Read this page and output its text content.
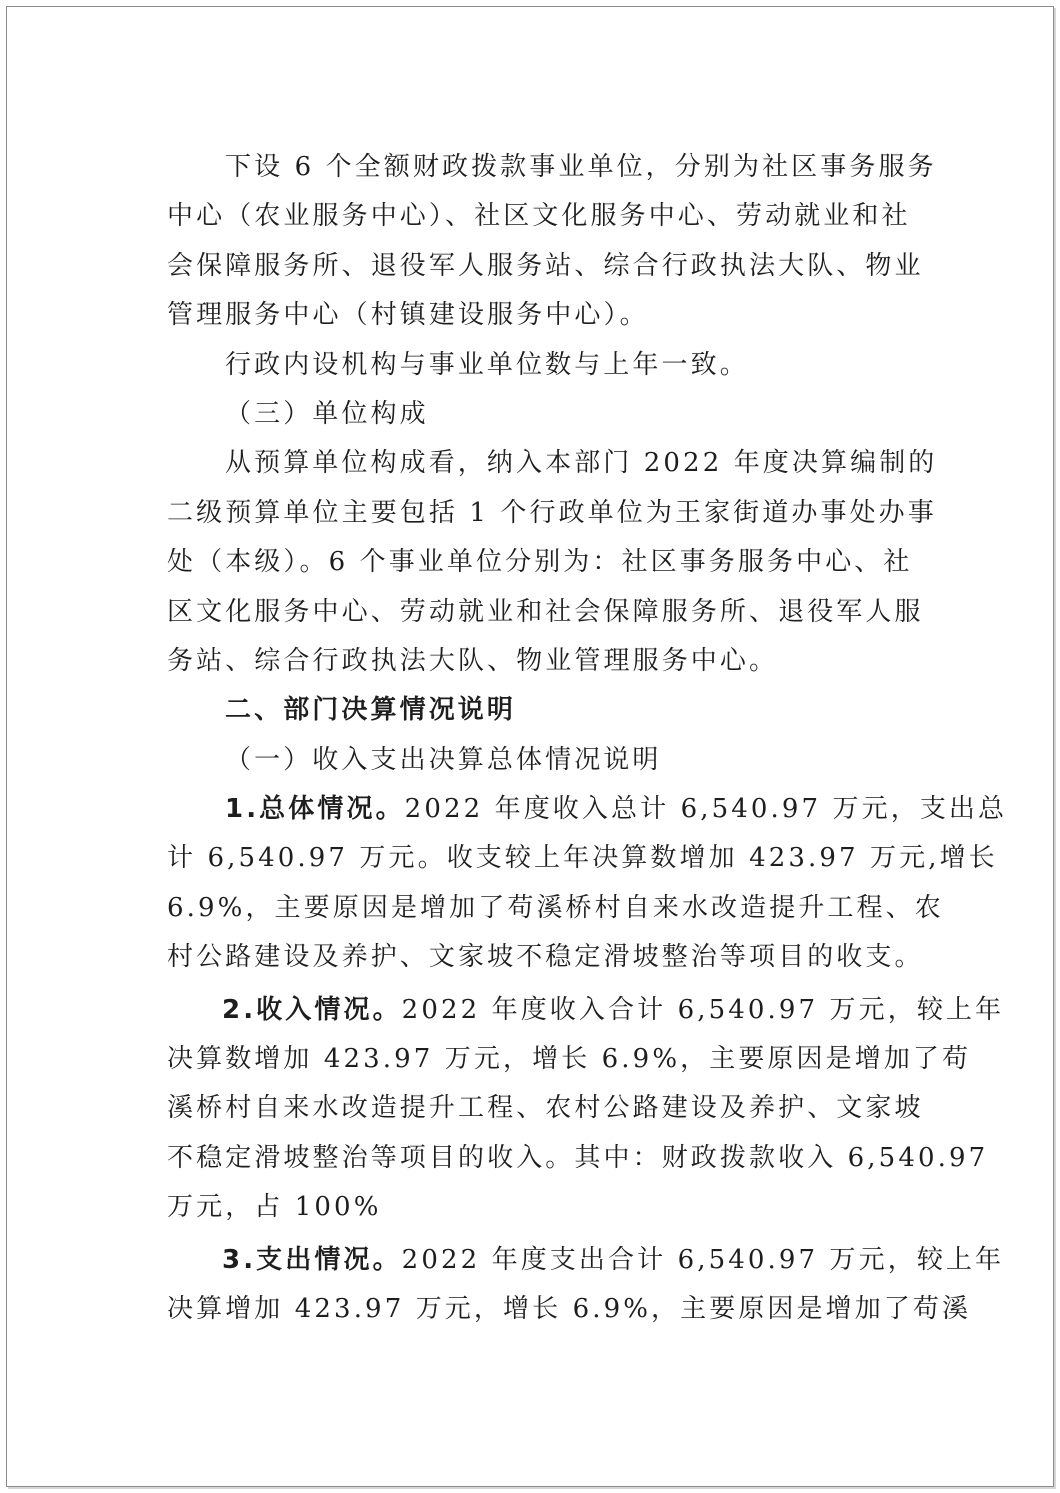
下设 6 个全额财政拨款事业单位，分别为社区事务服务
中心（农业服务中心）、社区文化服务中心、劳动就业和社
会保障服务所、退役军人服务站、综合行政执法大队、物业
管理服务中心（村镇建设服务中心）。
行政内设机构与事业单位数与上年一致。
（三）单位构成
从预算单位构成看，纳入本部门 2022 年度决算编制的
二级预算单位主要包括 1 个行政单位为王家街道办事处办事
处（本级）。6 个事业单位分别为：社区事务服务中心、社
区文化服务中心、劳动就业和社会保障服务所、退役军人服
务站、综合行政执法大队、物业管理服务中心。
二、部门决算情况说明
（一）收入支出决算总体情况说明
1.总体情况。2022 年度收入总计 6,540.97 万元，支出总
计 6,540.97 万元。收支较上年决算数增加 423.97 万元,增长
6.9%，主要原因是增加了苟溪桥村自来水改造提升工程、农
村公路建设及养护、文家坡不稳定滑坡整治等项目的收支。
2.收入情况。2022 年度收入合计 6,540.97 万元，较上年
决算数增加 423.97 万元，增长 6.9%，主要原因是增加了苟
溪桥村自来水改造提升工程、农村公路建设及养护、文家坡
不稳定滑坡整治等项目的收入。其中：财政拨款收入 6,540.97
万元，占 100%
3.支出情况。2022 年度支出合计 6,540.97 万元，较上年
决算增加 423.97 万元，增长 6.9%，主要原因是增加了苟溪
